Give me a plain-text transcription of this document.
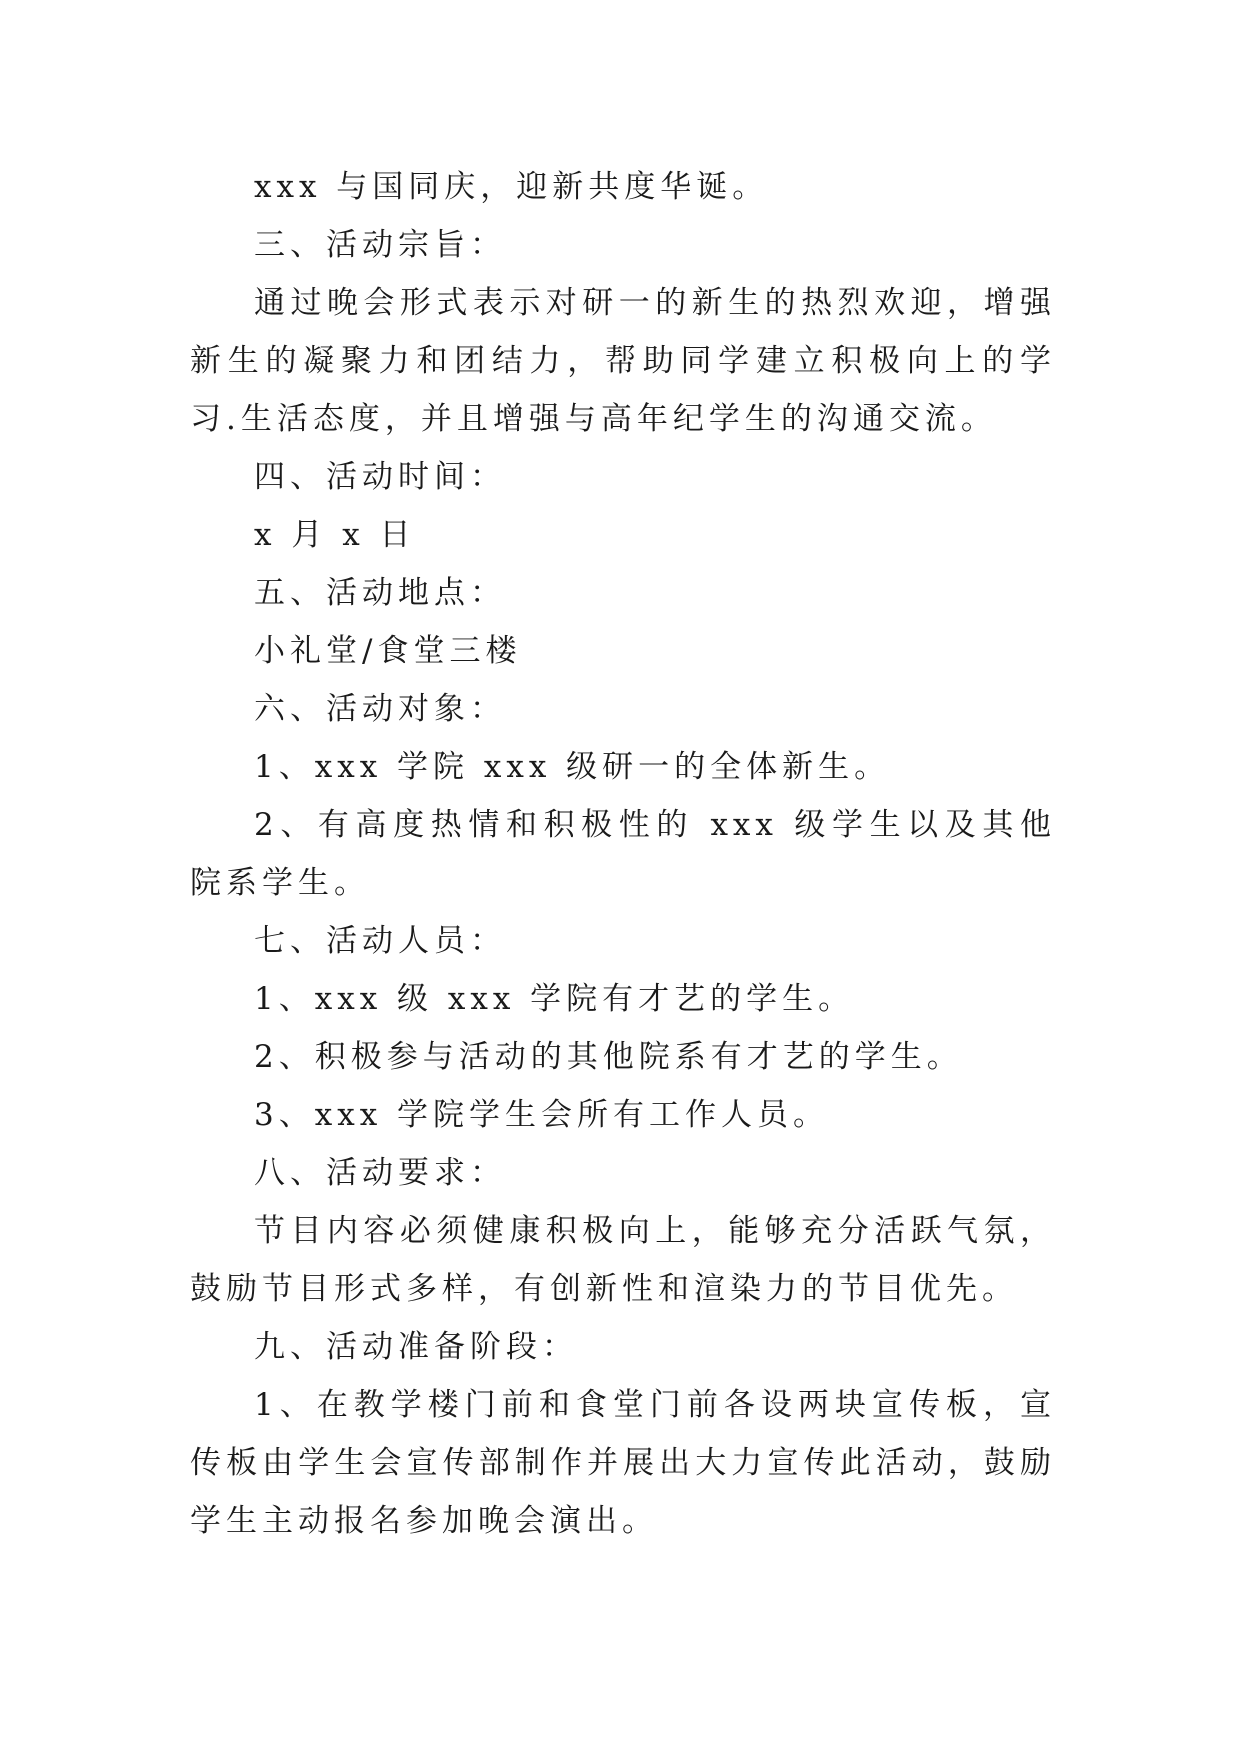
xxx 与国同庆，迎新共度华诞。

三、活动宗旨：

通过晚会形式表示对研一的新生的热烈欢迎，增强新生的凝聚力和团结力，帮助同学建立积极向上的学习.生活态度，并且增强与高年纪学生的沟通交流。

四、活动时间：

x 月 x 日

五、活动地点：

小礼堂/食堂三楼

六、活动对象：

1、xxx 学院 xxx 级研一的全体新生。

2、有高度热情和积极性的 xxx 级学生以及其他院系学生。

七、活动人员：

1、xxx 级 xxx 学院有才艺的学生。

2、积极参与活动的其他院系有才艺的学生。

3、xxx 学院学生会所有工作人员。

八、活动要求：

节目内容必须健康积极向上，能够充分活跃气氛，鼓励节目形式多样，有创新性和渲染力的节目优先。

九、活动准备阶段：

1、在教学楼门前和食堂门前各设两块宣传板，宣传板由学生会宣传部制作并展出大力宣传此活动，鼓励学生主动报名参加晚会演出。
